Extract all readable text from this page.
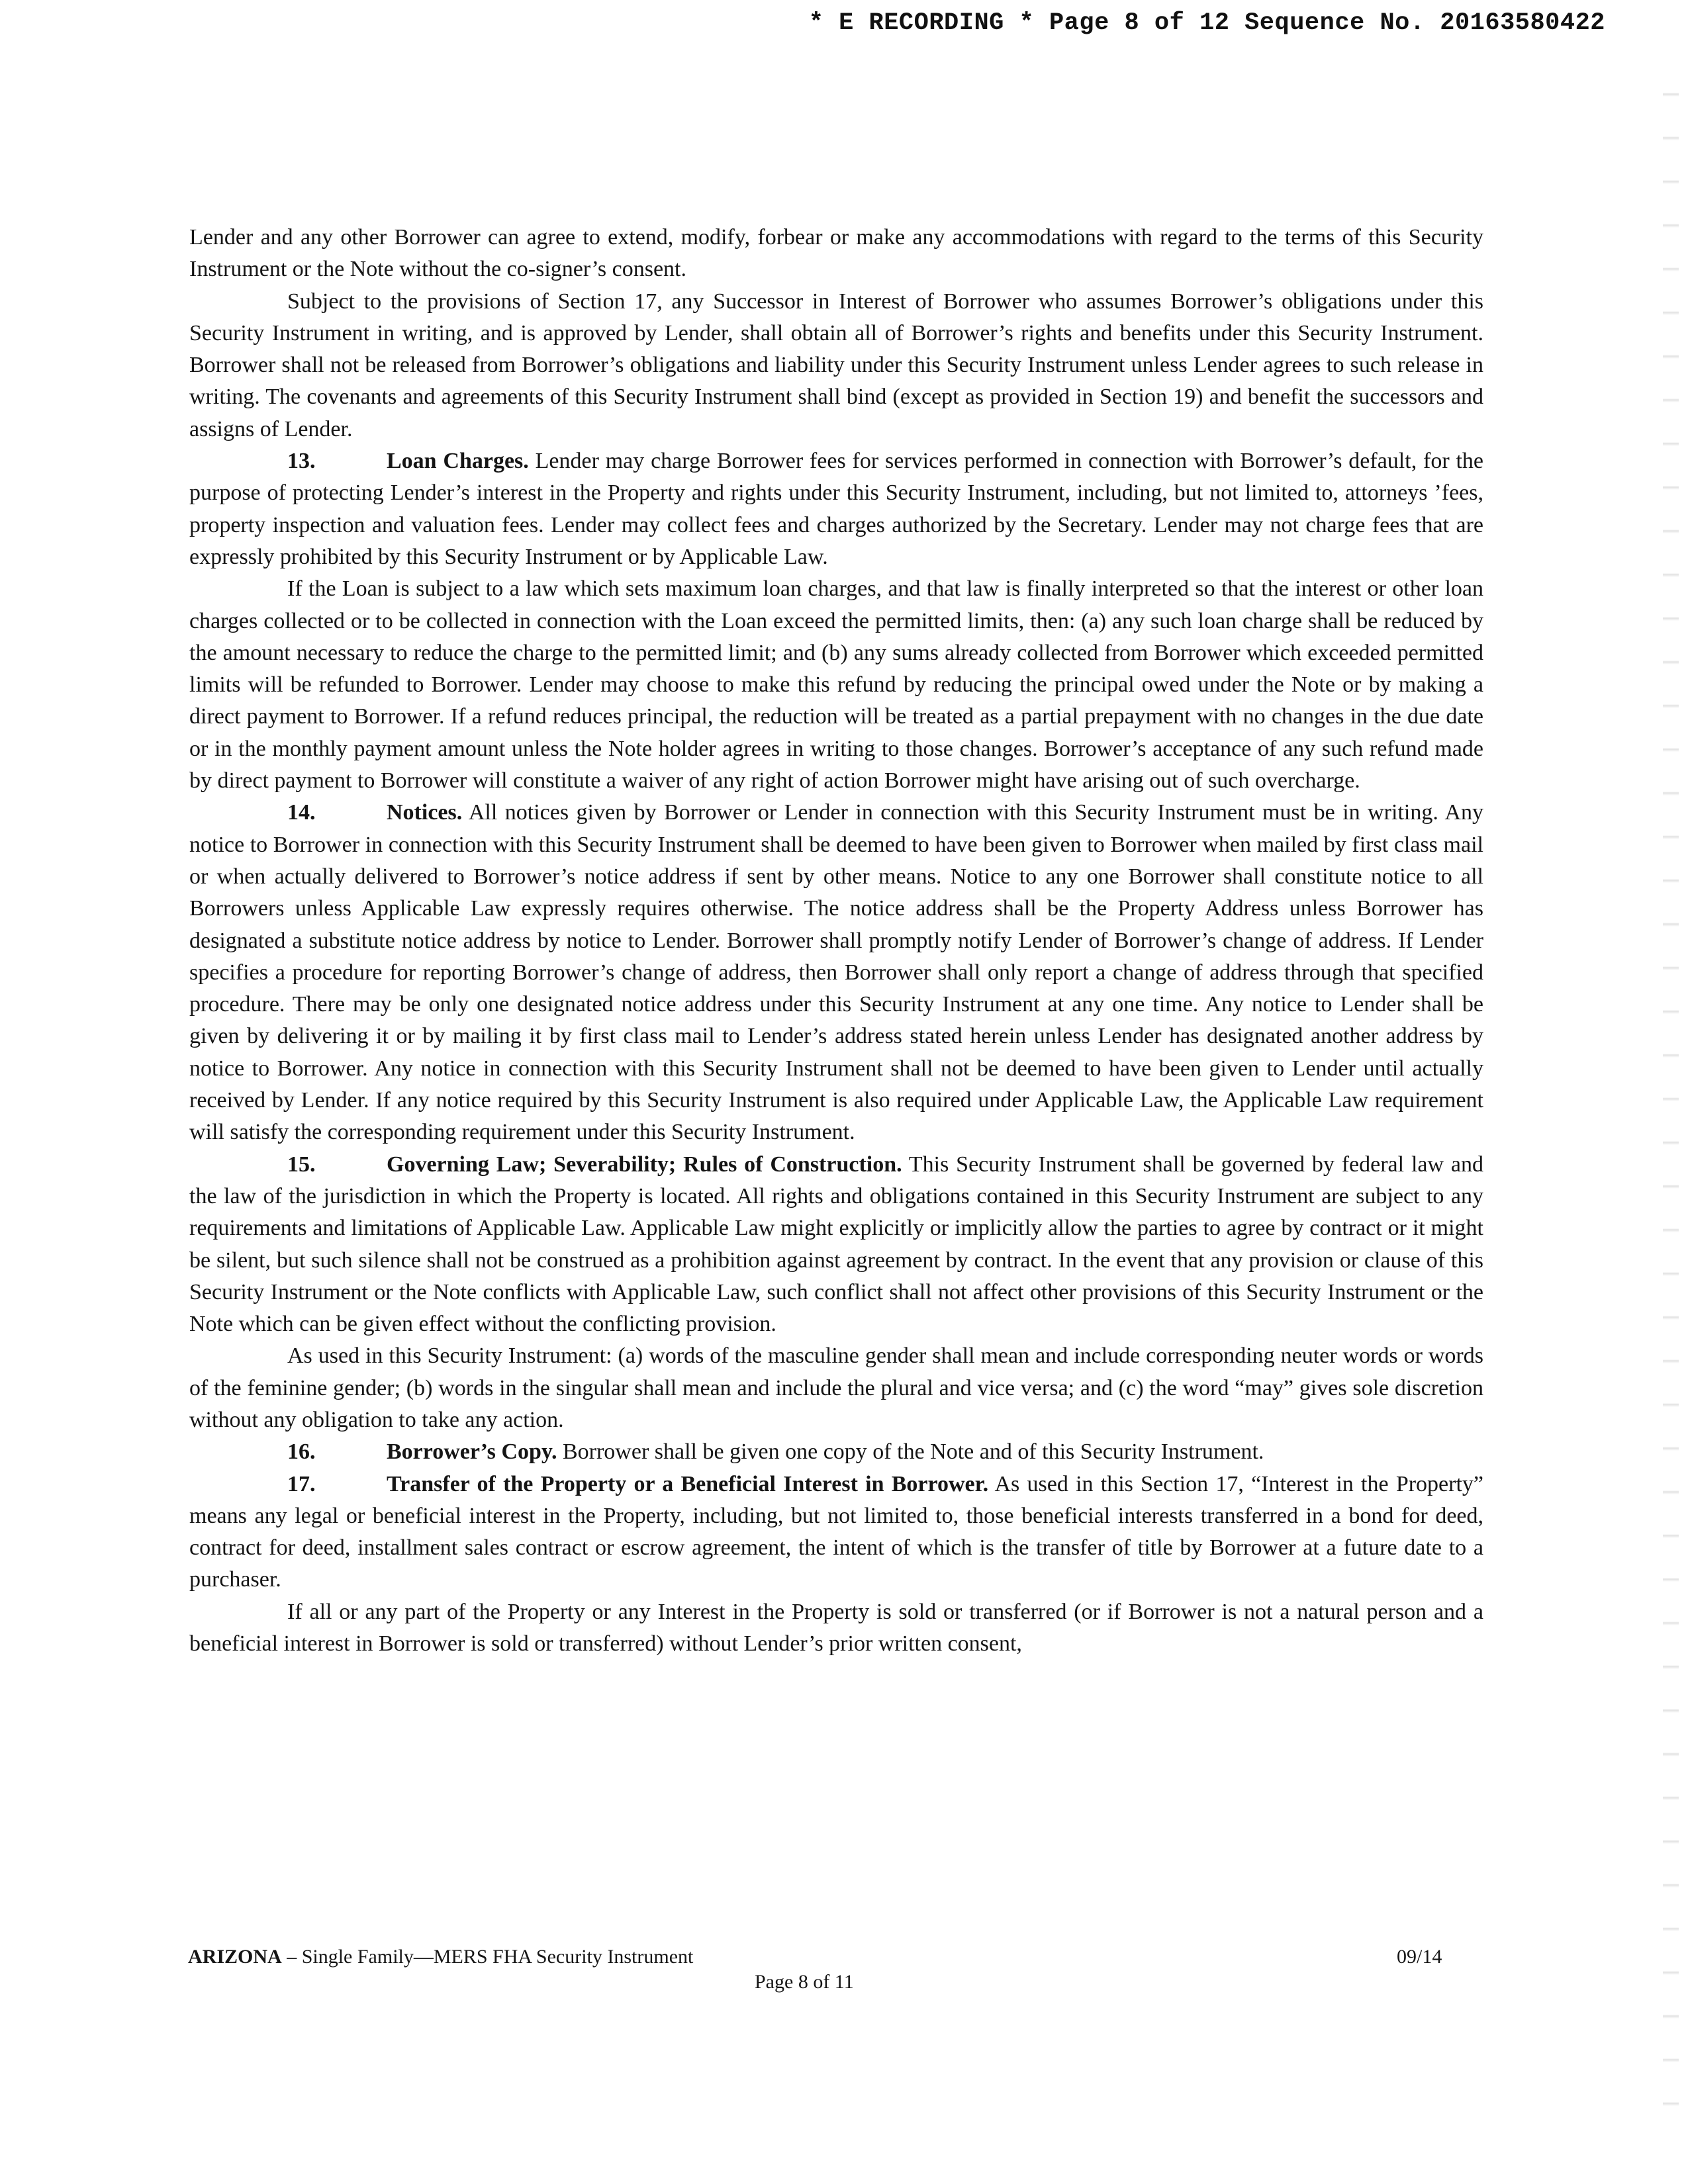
* E RECORDING * Page 8 of 12 Sequence No. 20163580422

Lender and any other Borrower can agree to extend, modify, forbear or make any accommodations with regard to the terms of this Security Instrument or the Note without the co-signer’s consent.

Subject to the provisions of Section 17, any Successor in Interest of Borrower who assumes Borrower’s obligations under this Security Instrument in writing, and is approved by Lender, shall obtain all of Borrower’s rights and benefits under this Security Instrument. Borrower shall not be released from Borrower’s obligations and liability under this Security Instrument unless Lender agrees to such release in writing. The covenants and agreements of this Security Instrument shall bind (except as provided in Section 19) and benefit the successors and assigns of Lender.

13.	Loan Charges. Lender may charge Borrower fees for services performed in connection with Borrower’s default, for the purpose of protecting Lender’s interest in the Property and rights under this Security Instrument, including, but not limited to, attorneys ’fees, property inspection and valuation fees. Lender may collect fees and charges authorized by the Secretary. Lender may not charge fees that are expressly prohibited by this Security Instrument or by Applicable Law.

If the Loan is subject to a law which sets maximum loan charges, and that law is finally interpreted so that the interest or other loan charges collected or to be collected in connection with the Loan exceed the permitted limits, then: (a) any such loan charge shall be reduced by the amount necessary to reduce the charge to the permitted limit; and (b) any sums already collected from Borrower which exceeded permitted limits will be refunded to Borrower. Lender may choose to make this refund by reducing the principal owed under the Note or by making a direct payment to Borrower. If a refund reduces principal, the reduction will be treated as a partial prepayment with no changes in the due date or in the monthly payment amount unless the Note holder agrees in writing to those changes. Borrower’s acceptance of any such refund made by direct payment to Borrower will constitute a waiver of any right of action Borrower might have arising out of such overcharge.

14.	Notices. All notices given by Borrower or Lender in connection with this Security Instrument must be in writing. Any notice to Borrower in connection with this Security Instrument shall be deemed to have been given to Borrower when mailed by first class mail or when actually delivered to Borrower’s notice address if sent by other means. Notice to any one Borrower shall constitute notice to all Borrowers unless Applicable Law expressly requires otherwise. The notice address shall be the Property Address unless Borrower has designated a substitute notice address by notice to Lender. Borrower shall promptly notify Lender of Borrower’s change of address. If Lender specifies a procedure for reporting Borrower’s change of address, then Borrower shall only report a change of address through that specified procedure. There may be only one designated notice address under this Security Instrument at any one time. Any notice to Lender shall be given by delivering it or by mailing it by first class mail to Lender’s address stated herein unless Lender has designated another address by notice to Borrower. Any notice in connection with this Security Instrument shall not be deemed to have been given to Lender until actually received by Lender. If any notice required by this Security Instrument is also required under Applicable Law, the Applicable Law requirement will satisfy the corresponding requirement under this Security Instrument.

15.	Governing Law; Severability; Rules of Construction. This Security Instrument shall be governed by federal law and the law of the jurisdiction in which the Property is located. All rights and obligations contained in this Security Instrument are subject to any requirements and limitations of Applicable Law. Applicable Law might explicitly or implicitly allow the parties to agree by contract or it might be silent, but such silence shall not be construed as a prohibition against agreement by contract. In the event that any provision or clause of this Security Instrument or the Note conflicts with Applicable Law, such conflict shall not affect other provisions of this Security Instrument or the Note which can be given effect without the conflicting provision.

As used in this Security Instrument: (a) words of the masculine gender shall mean and include corresponding neuter words or words of the feminine gender; (b) words in the singular shall mean and include the plural and vice versa; and (c) the word “may” gives sole discretion without any obligation to take any action.

16.	Borrower’s Copy. Borrower shall be given one copy of the Note and of this Security Instrument.

17.	Transfer of the Property or a Beneficial Interest in Borrower. As used in this Section 17, “Interest in the Property” means any legal or beneficial interest in the Property, including, but not limited to, those beneficial interests transferred in a bond for deed, contract for deed, installment sales contract or escrow agreement, the intent of which is the transfer of title by Borrower at a future date to a purchaser.

If all or any part of the Property or any Interest in the Property is sold or transferred (or if Borrower is not a natural person and a beneficial interest in Borrower is sold or transferred) without Lender’s prior written consent,

ARIZONA – Single Family—MERS FHA Security Instrument	09/14
Page 8 of 11
